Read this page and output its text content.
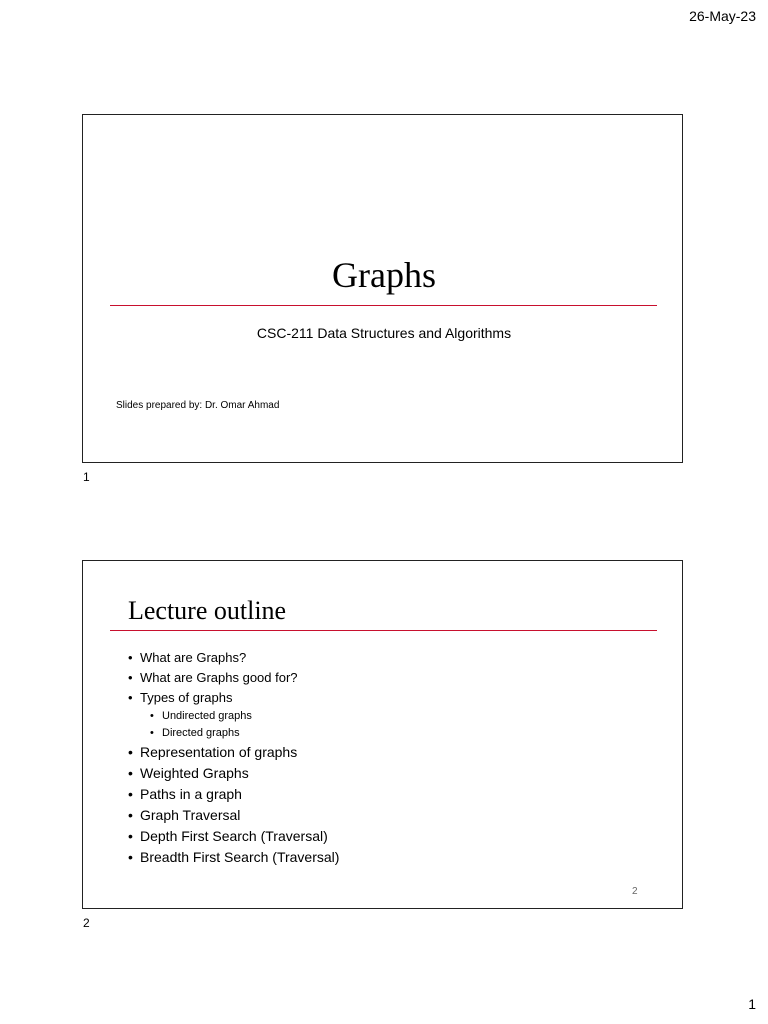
26-May-23
Graphs
CSC-211 Data Structures and Algorithms
Slides prepared by: Dr. Omar Ahmad
1
Lecture outline
• What are Graphs?
• What are Graphs good for?
• Types of graphs
• Undirected graphs
• Directed graphs
• Representation of graphs
• Weighted Graphs
• Paths in a graph
• Graph Traversal
• Depth First Search (Traversal)
• Breadth First Search (Traversal)
2
2
1
